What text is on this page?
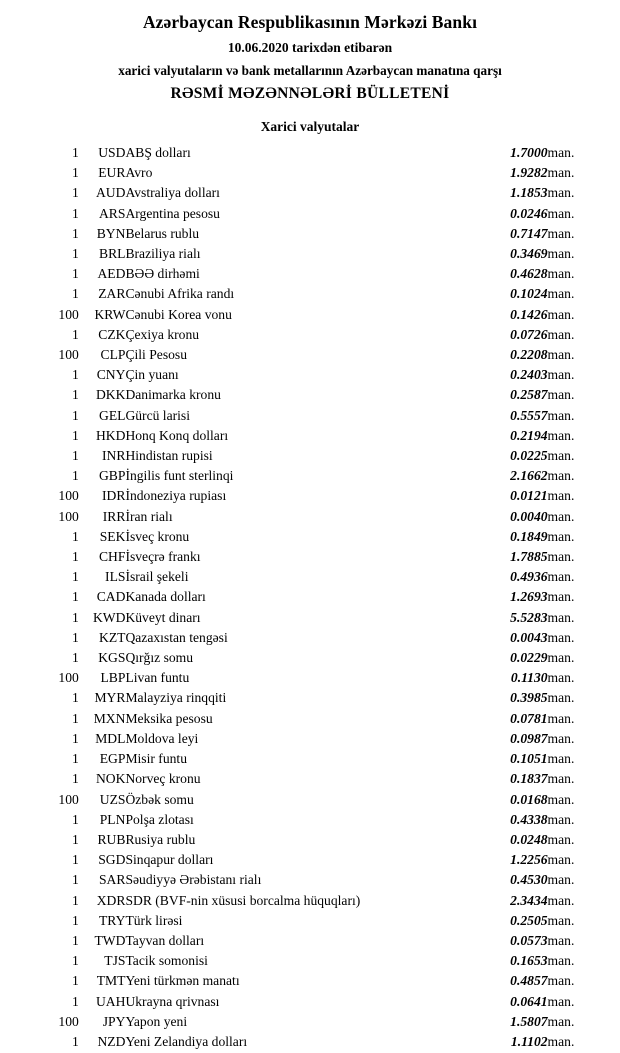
Azərbaycan Respublikasının Mərkəzi Bankı
10.06.2020 tarixdən etibarən
xarici valyutaların və bank metallarının Azərbaycan manatına qarşı
RƏSMİ MƏZƏNNƏLƏRİ BÜLLETENİ
Xarici valyutalar
1	USD	ABŞ dolları	1.7000	man.
1	EUR	Avro	1.9282	man.
1	AUD	Avstraliya dolları	1.1853	man.
1	ARS	Argentina pesosu	0.0246	man.
1	BYN	Belarus rublu	0.7147	man.
1	BRL	Braziliya rialı	0.3469	man.
1	AED	BƏƏ dirhəmi	0.4628	man.
1	ZAR	Cənubi Afrika randı	0.1024	man.
100	KRW	Cənubi Korea vonu	0.1426	man.
1	CZK	Çexiya kronu	0.0726	man.
100	CLP	Çili Pesosu	0.2208	man.
1	CNY	Çin yuanı	0.2403	man.
1	DKK	Danimarka kronu	0.2587	man.
1	GEL	Gürcü larisi	0.5557	man.
1	HKD	Honq Konq dolları	0.2194	man.
1	INR	Hindistan rupisi	0.0225	man.
1	GBP	İngilis funt sterlinqi	2.1662	man.
100	IDR	İndoneziya rupiası	0.0121	man.
100	IRR	İran rialı	0.0040	man.
1	SEK	İsveç kronu	0.1849	man.
1	CHF	İsveçrə frankı	1.7885	man.
1	ILS	İsrail şekeli	0.4936	man.
1	CAD	Kanada dolları	1.2693	man.
1	KWD	Küveyt dinarı	5.5283	man.
1	KZT	Qazaxıstan tengəsi	0.0043	man.
1	KGS	Qırğız somu	0.0229	man.
100	LBP	Livan funtu	0.1130	man.
1	MYR	Malayziya rinqqiti	0.3985	man.
1	MXN	Meksika pesosu	0.0781	man.
1	MDL	Moldova leyi	0.0987	man.
1	EGP	Misir funtu	0.1051	man.
1	NOK	Norveç kronu	0.1837	man.
100	UZS	Özbək somu	0.0168	man.
1	PLN	Polşa zlotası	0.4338	man.
1	RUB	Rusiya rublu	0.0248	man.
1	SGD	Sinqapur dolları	1.2256	man.
1	SAR	Səudiyyə Ərəbistanı rialı	0.4530	man.
1	XDR	SDR (BVF-nin xüsusi borcalma hüquqları)	2.3434	man.
1	TRY	Türk lirəsi	0.2505	man.
1	TWD	Tayvan dolları	0.0573	man.
1	TJS	Tacik somonisi	0.1653	man.
1	TMT	Yeni türkmən manatı	0.4857	man.
1	UAH	Ukrayna qrivnası	0.0641	man.
100	JPY	Yapon yeni	1.5807	man.
1	NZD	Yeni Zelandiya dolları	1.1102	man.
